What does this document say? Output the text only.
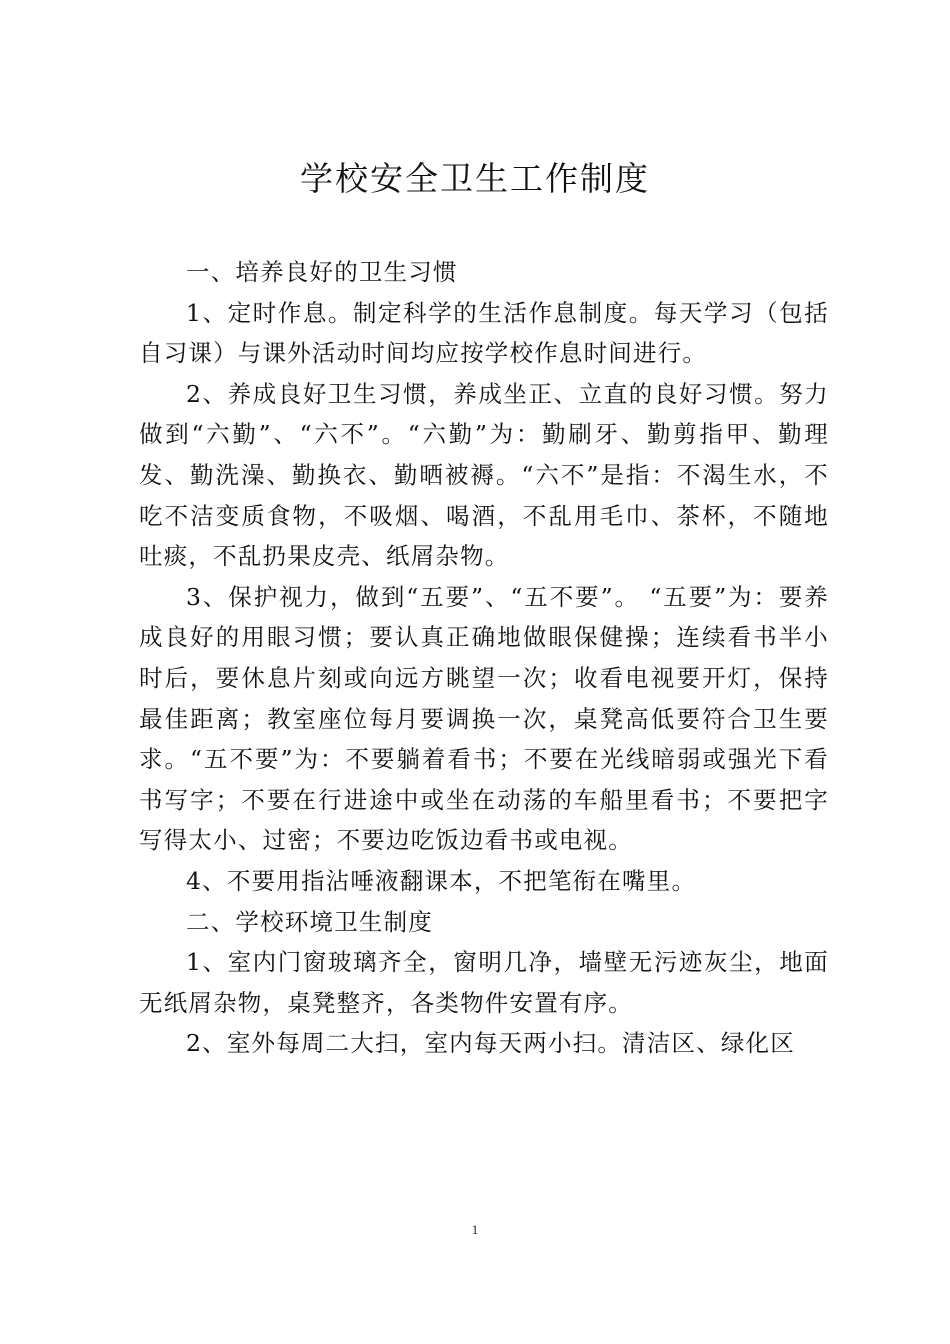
学校安全卫生工作制度

一、培养良好的卫生习惯

1、定时作息。制定科学的生活作息制度。每天学习（包括自习课）与课外活动时间均应按学校作息时间进行。

2、养成良好卫生习惯，养成坐正、立直的良好习惯。努力做到“六勤”、“六不”。“六勤”为：勤刷牙、勤剪指甲、勤理发、勤洗澡、勤换衣、勤晒被褥。“六不”是指：不渴生水，不吃不洁变质食物，不吸烟、喝酒，不乱用毛巾、茶杯，不随地吐痰，不乱扔果皮壳、纸屑杂物。

3、保护视力，做到“五要”、“五不要”。 “五要”为：要养成良好的用眼习惯；要认真正确地做眼保健操；连续看书半小时后，要休息片刻或向远方眺望一次；收看电视要开灯，保持最佳距离；教室座位每月要调换一次，桌凳高低要符合卫生要求。“五不要”为：不要躺着看书；不要在光线暗弱或强光下看书写字；不要在行进途中或坐在动荡的车船里看书；不要把字写得太小、过密；不要边吃饭边看书或电视。

4、不要用指沾唾液翻课本，不把笔衔在嘴里。

二、学校环境卫生制度

1、室内门窗玻璃齐全，窗明几净，墙壁无污迹灰尘，地面无纸屑杂物，桌凳整齐，各类物件安置有序。

2、室外每周二大扫，室内每天两小扫。清洁区、绿化区

1
